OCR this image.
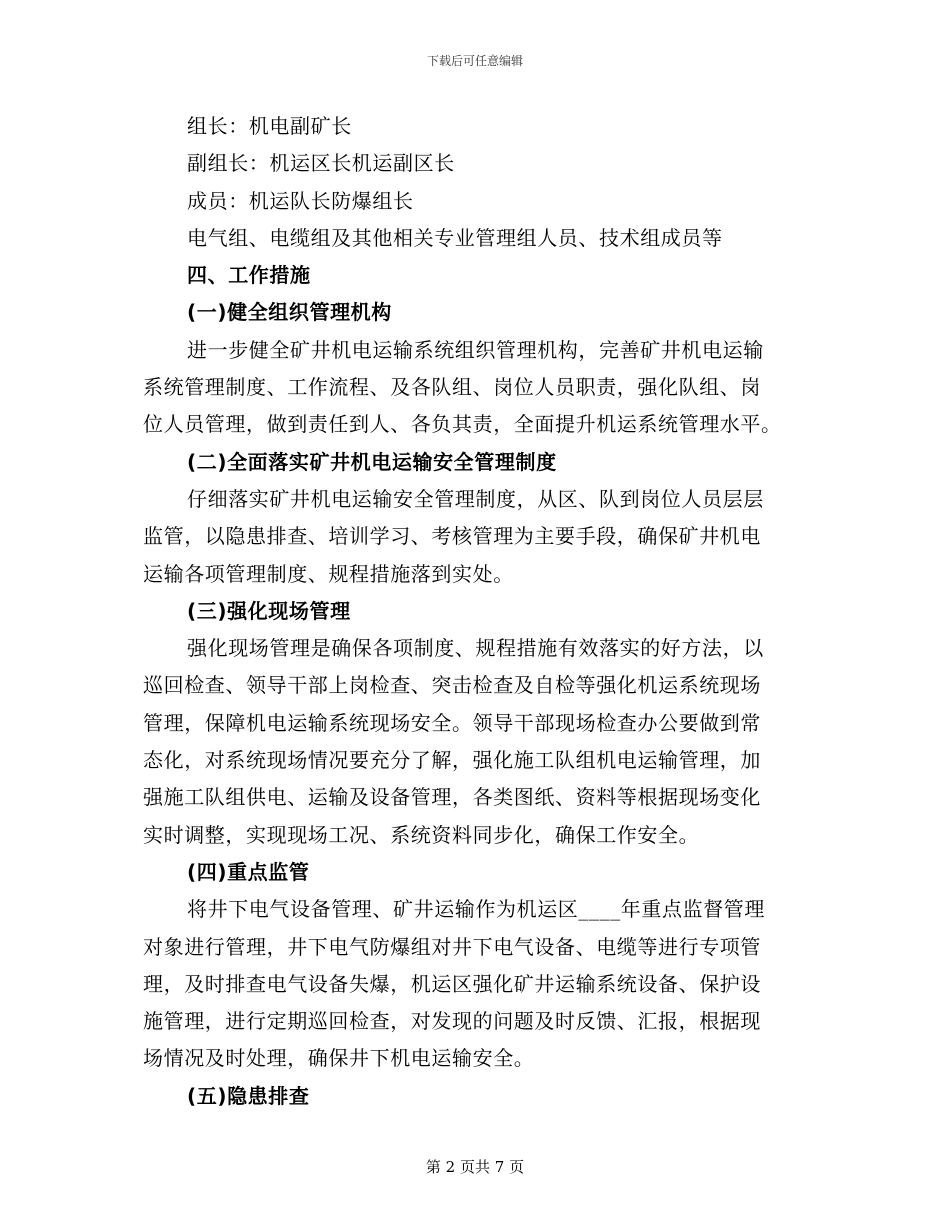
下载后可任意编辑

组长：机电副矿长

副组长：机运区长机运副区长

成员：机运队长防爆组长

电气组、电缆组及其他相关专业管理组人员、技术组成员等

四、工作措施

(一)健全组织管理机构

进一步健全矿井机电运输系统组织管理机构，完善矿井机电运输

系统管理制度、工作流程、及各队组、岗位人员职责，强化队组、岗

位人员管理，做到责任到人、各负其责，全面提升机运系统管理水平。

(二)全面落实矿井机电运输安全管理制度

仔细落实矿井机电运输安全管理制度，从区、队到岗位人员层层

监管，以隐患排查、培训学习、考核管理为主要手段，确保矿井机电

运输各项管理制度、规程措施落到实处。

(三)强化现场管理

强化现场管理是确保各项制度、规程措施有效落实的好方法，以

巡回检查、领导干部上岗检查、突击检查及自检等强化机运系统现场

管理，保障机电运输系统现场安全。领导干部现场检查办公要做到常

态化，对系统现场情况要充分了解，强化施工队组机电运输管理，加

强施工队组供电、运输及设备管理，各类图纸、资料等根据现场变化

实时调整，实现现场工况、系统资料同步化，确保工作安全。

(四)重点监管

将井下电气设备管理、矿井运输作为机运区____年重点监督管理

对象进行管理，井下电气防爆组对井下电气设备、电缆等进行专项管

理，及时排查电气设备失爆，机运区强化矿井运输系统设备、保护设

施管理，进行定期巡回检查，对发现的问题及时反馈、汇报，根据现

场情况及时处理，确保井下机电运输安全。

(五)隐患排查

第 2 页共 7 页
